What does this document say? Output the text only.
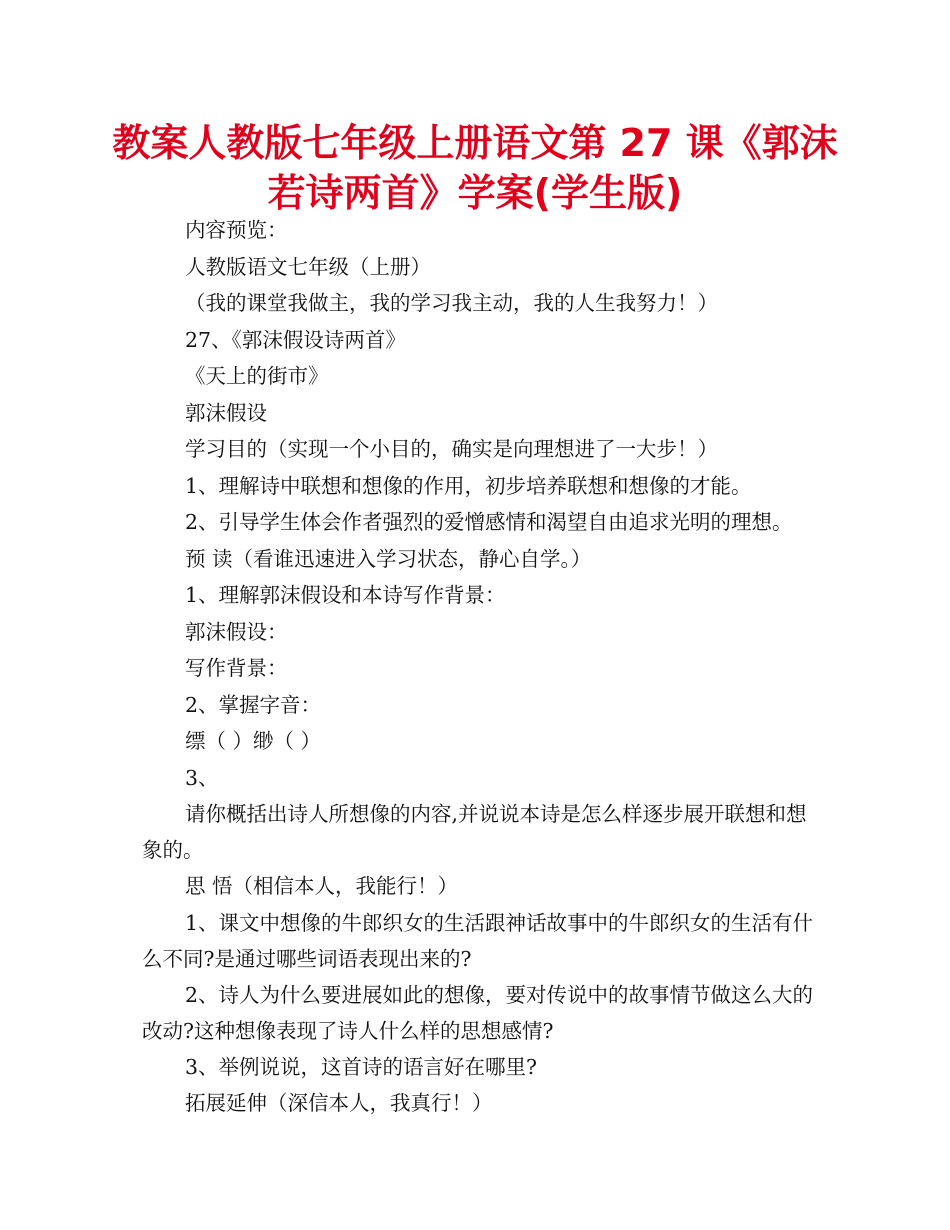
教案人教版七年级上册语文第 27 课《郭沫若诗两首》学案(学生版)

内容预览：

人教版语文七年级（上册）

（我的课堂我做主，我的学习我主动，我的人生我努力！）

27、《郭沫假设诗两首》

《天上的街市》

郭沫假设

学习目的（实现一个小目的，确实是向理想进了一大步！）

1、理解诗中联想和想像的作用，初步培养联想和想像的才能。

2、引导学生体会作者强烈的爱憎感情和渴望自由追求光明的理想。

预 读（看谁迅速进入学习状态，静心自学。）

1、理解郭沫假设和本诗写作背景：

郭沫假设：

写作背景：

2、掌握字音：

缥（ ）缈（ ）

3、

请你概括出诗人所想像的内容,并说说本诗是怎么样逐步展开联想和想象的。

思 悟（相信本人，我能行！）

1、课文中想像的牛郎织女的生活跟神话故事中的牛郎织女的生活有什么不同?是通过哪些词语表现出来的?

2、诗人为什么要进展如此的想像，要对传说中的故事情节做这么大的改动?这种想像表现了诗人什么样的思想感情?

3、举例说说，这首诗的语言好在哪里?

拓展延伸（深信本人，我真行！）
